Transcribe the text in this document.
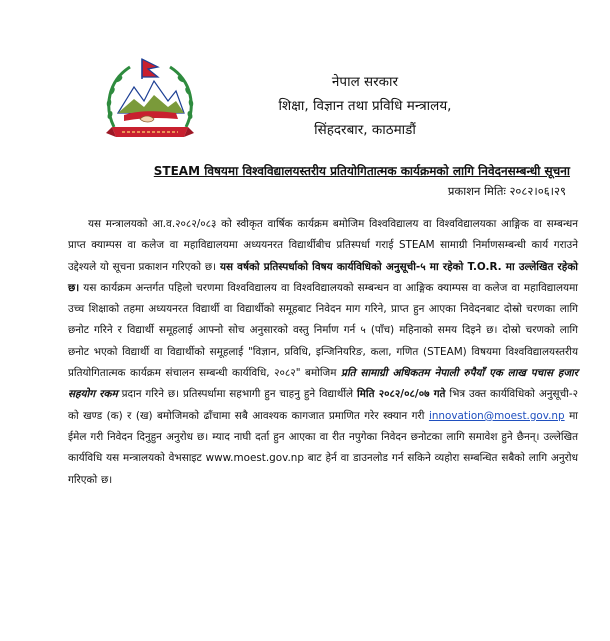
नेपाल सरकार
शिक्षा, विज्ञान तथा प्रविधि मन्त्रालय,
सिंहदरबार, काठमाडौं
STEAM विषयमा विश्वविद्यालयस्तरीय प्रतियोगितात्मक कार्यक्रमको लागि निवेदनसम्बन्धी सूचना
प्रकाशन मितिः २०८२।०६।२९
यस मन्त्रालयको आ.व.२०८२/०८३ को स्वीकृत वार्षिक कार्यक्रम बमोजिम विश्वविद्यालय वा विश्वविद्यालयका आङ्गिक वा सम्बन्धन प्राप्त क्याम्पस वा कलेज वा महाविद्यालयमा अध्ययनरत विद्यार्थीबीच प्रतिस्पर्धा गराई STEAM सामाग्री निर्माणसम्बन्धी कार्य गराउने उद्देश्यले यो सूचना प्रकाशन गरिएको छ। यस वर्षको प्रतिस्पर्धाको विषय कार्यविधिको अनुसूची-५ मा रहेको T.O.R. मा उल्लेखित रहेको छ। यस कार्यक्रम अन्तर्गत पहिलो चरणमा विश्वविद्यालय वा विश्वविद्यालयको सम्बन्धन वा आङ्गिक क्याम्पस वा कलेज वा महाविद्यालयमा उच्च शिक्षाको तहमा अध्ययनरत विद्यार्थी वा विद्यार्थीको समूहबाट निवेदन माग गरिने, प्राप्त हुन आएका निवेदनबाट दोस्रो चरणका लागि छनोट गरिने र विद्यार्थी समूहलाई आफ्नो सोच अनुसारको वस्तु निर्माण गर्न ५ (पाँच) महिनाको समय दिइने छ। दोस्रो चरणको लागि छनोट भएको विद्यार्थी वा विद्यार्थीको समूहलाई "विज्ञान, प्रविधि, इन्जिनियरिङ, कला, गणित (STEAM) विषयमा विश्वविद्यालयस्तरीय प्रतियोगितात्मक कार्यक्रम संचालन सम्बन्धी कार्यविधि, २०८२" बमोजिम प्रति सामाग्री अधिकतम नेपाली रुपैयाँ एक लाख पचास हजार सहयोग रकम प्रदान गरिने छ। प्रतिस्पर्धामा सहभागी हुन चाहनु हुने विद्यार्थीले मिति २०८२/०८/०७ गते भित्र उक्त कार्यविधिको अनुसूची-२ को खण्ड (क) र (ख) बमोजिमको ढाँचामा सबै आवश्यक कागजात प्रमाणित गरेर स्क्यान गरी innovation@moest.gov.np मा ईमेल गरी निवेदन दिनुहुन अनुरोध छ। म्याद नाघी दर्ता हुन आएका वा रीत नपुगेका निवेदन छनोटका लागि समावेश हुने छैनन्। उल्लेखित कार्यविधि यस मन्त्रालयको वेभसाइट www.moest.gov.np बाट हेर्न वा डाउनलोड गर्न सकिने व्यहोरा सम्बन्धित सबैको लागि अनुरोध गरिएको छ।
